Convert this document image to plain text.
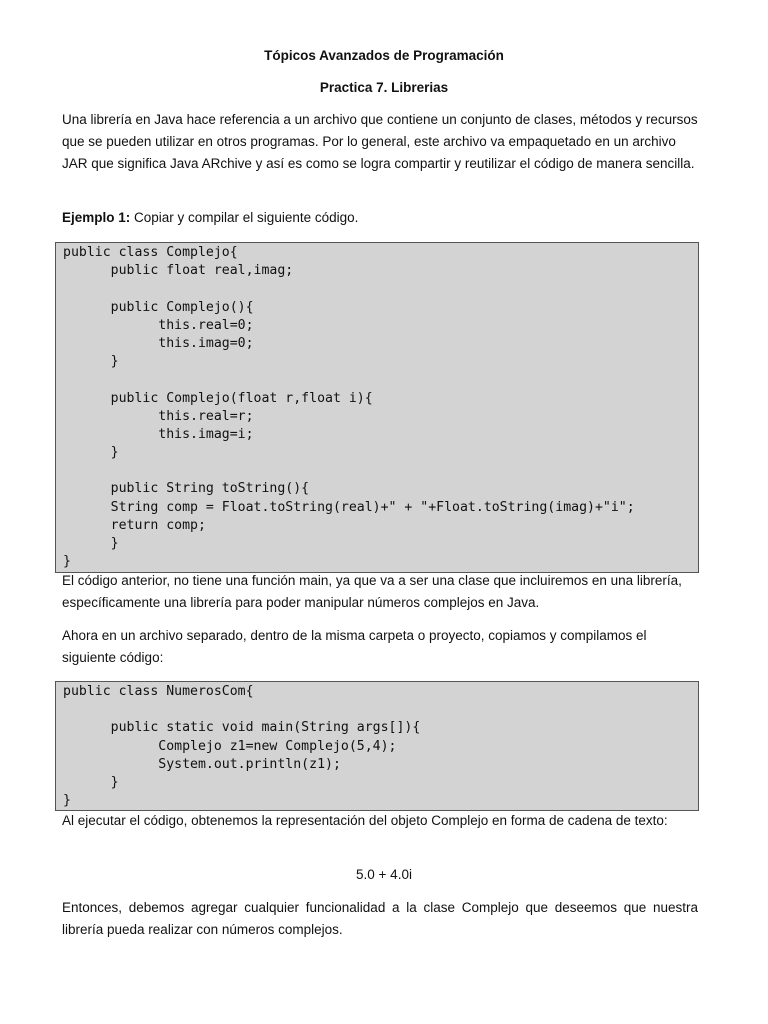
Tópicos Avanzados de Programación
Practica 7. Librerias

Una librería en Java hace referencia a un archivo que contiene un conjunto de clases, métodos y recursos que se pueden utilizar en otros programas. Por lo general, este archivo va empaquetado en un archivo JAR que significa Java ARchive y así es como se logra compartir y reutilizar el código de manera sencilla.

Ejemplo 1: Copiar y compilar el siguiente código.

public class Complejo{
public float real,imag;

public Complejo(){
this.real=0;
this.imag=0;
}

public Complejo(float r,float i){
this.real=r;
this.imag=i;
}

public String toString(){
String comp = Float.toString(real)+" + "+Float.toString(imag)+"i";
return comp;
}
}

El código anterior, no tiene una función main, ya que va a ser una clase que incluiremos en una librería, específicamente una librería para poder manipular números complejos en Java.

Ahora en un archivo separado, dentro de la misma carpeta o proyecto, copiamos y compilamos el siguiente código:

public class NumerosCom{

public static void main(String args[]){
Complejo z1=new Complejo(5,4);
System.out.println(z1);
}
}

Al ejecutar el código, obtenemos la representación del objeto Complejo en forma de cadena de texto:

5.0 + 4.0i

Entonces, debemos agregar cualquier funcionalidad a la clase Complejo que deseemos que nuestra librería pueda realizar con números complejos.
